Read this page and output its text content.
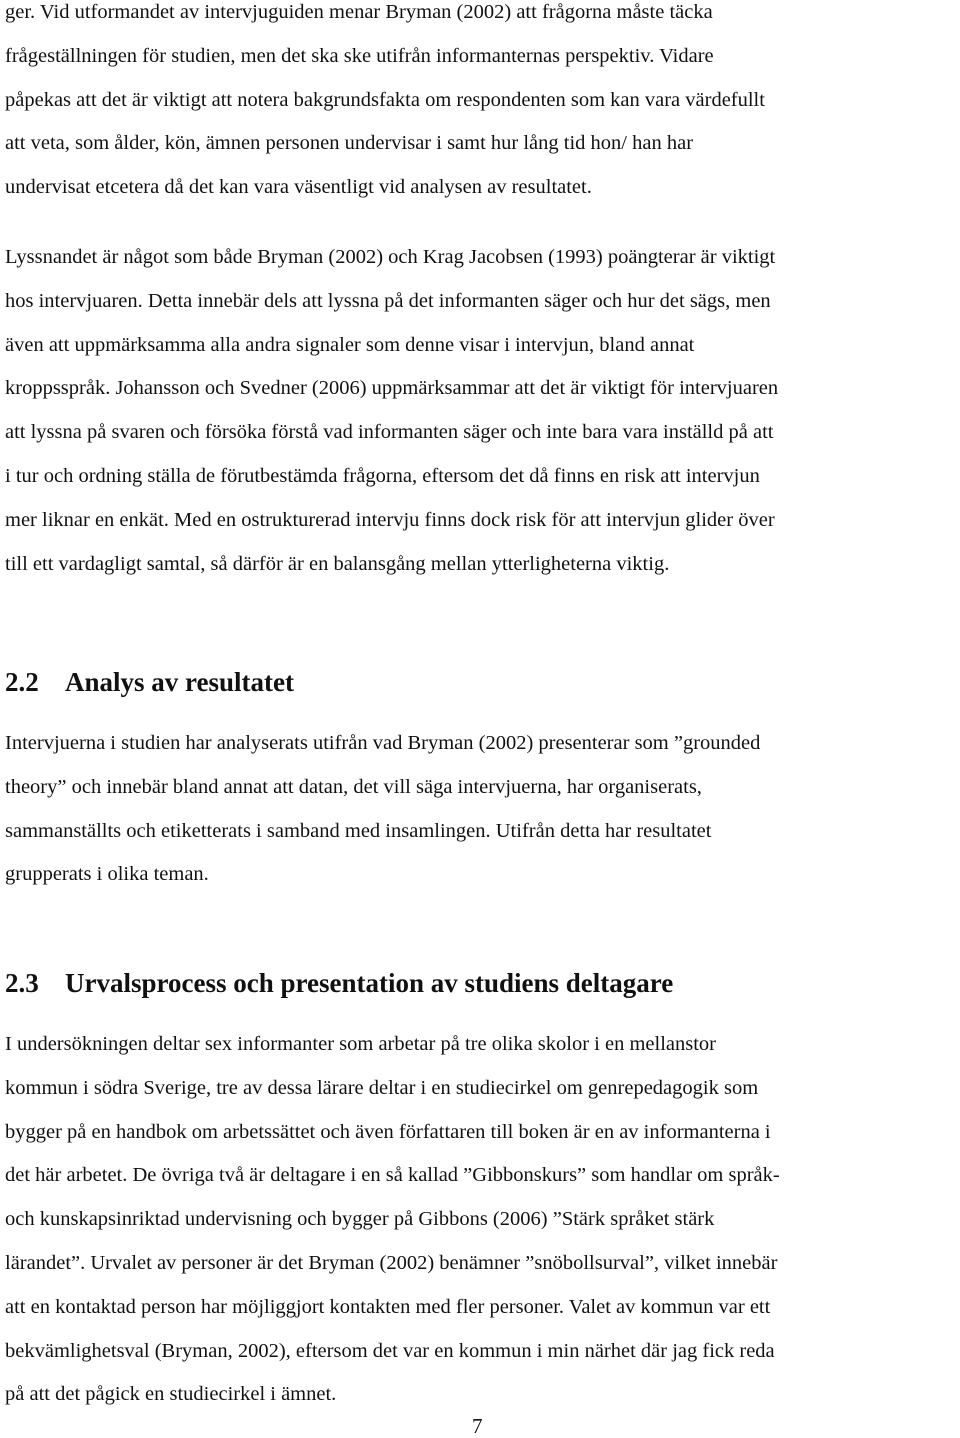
ger. Vid utformandet av intervjuguiden menar Bryman (2002) att frågorna måste täcka
frågeställningen för studien, men det ska ske utifrån informanternas perspektiv. Vidare
påpekas att det är viktigt att notera bakgrundsfakta om respondenten som kan vara värdefullt
att veta, som ålder, kön, ämnen personen undervisar i samt hur lång tid hon/ han har
undervisat etcetera då det kan vara väsentligt vid analysen av resultatet.
Lyssnandet är något som både Bryman (2002) och Krag Jacobsen (1993) poängterar är viktigt
hos intervjuaren. Detta innebär dels att lyssna på det informanten säger och hur det sägs, men
även att uppmärksamma alla andra signaler som denne visar i intervjun, bland annat
kroppsspråk. Johansson och Svedner (2006) uppmärksammar att det är viktigt för intervjuaren
att lyssna på svaren och försöka förstå vad informanten säger och inte bara vara inställd på att
i tur och ordning ställa de förutbestämda frågorna, eftersom det då finns en risk att intervjun
mer liknar en enkät. Med en ostrukturerad intervju finns dock risk för att intervjun glider över
till ett vardagligt samtal, så därför är en balansgång mellan ytterligheterna viktig.
2.2 Analys av resultatet
Intervjuerna i studien har analyserats utifrån vad Bryman (2002) presenterar som ”grounded
theory” och innebär bland annat att datan, det vill säga intervjuerna, har organiserats,
sammanställts och etiketterats i samband med insamlingen. Utifrån detta har resultatet
grupperats i olika teman.
2.3 Urvalsprocess och presentation av studiens deltagare
I undersökningen deltar sex informanter som arbetar på tre olika skolor i en mellanstor
kommun i södra Sverige, tre av dessa lärare deltar i en studiecirkel om genrepedagogik som
bygger på en handbok om arbetssättet och även författaren till boken är en av informanterna i
det här arbetet. De övriga två är deltagare i en så kallad ”Gibbonskurs” som handlar om språk-
och kunskapsinriktad undervisning och bygger på Gibbons (2006) ”Stärk språket stärk
lärandet”. Urvalet av personer är det Bryman (2002) benämner ”snöbollsurval”, vilket innebär
att en kontaktad person har möjliggjort kontakten med fler personer. Valet av kommun var ett
bekvämlighetsval (Bryman, 2002), eftersom det var en kommun i min närhet där jag fick reda
på att det pågick en studiecirkel i ämnet.
7
